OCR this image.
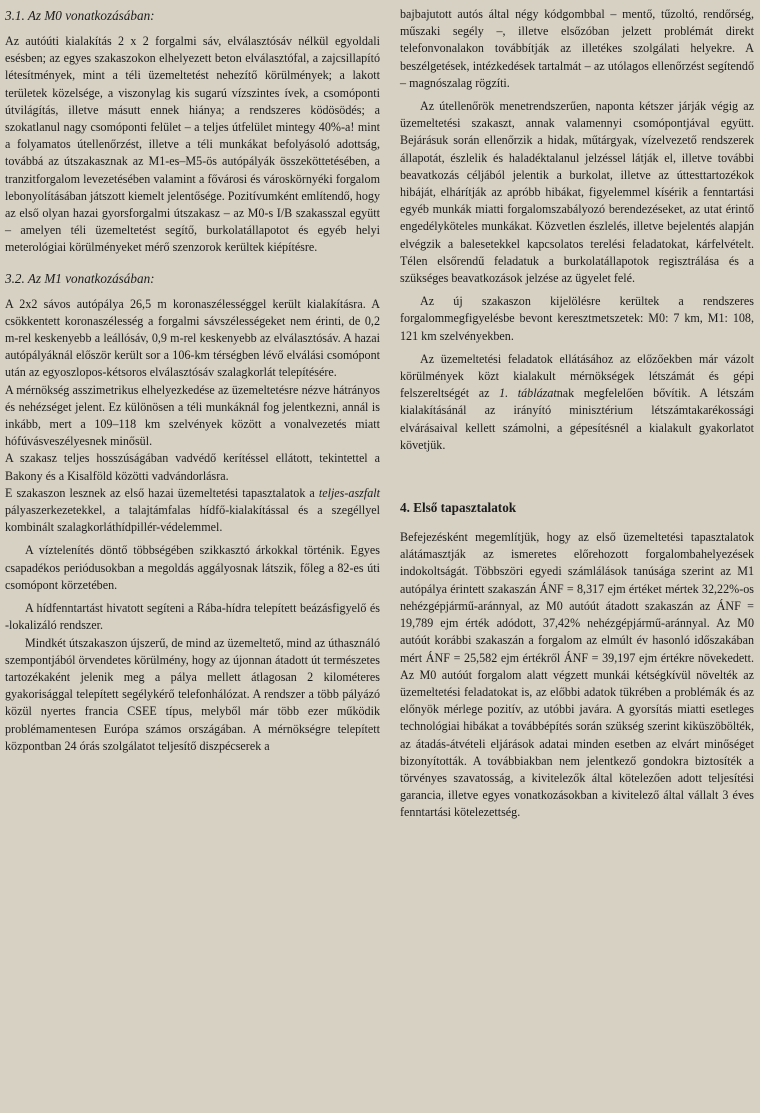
3.1. Az M0 vonatkozásában:

Az autóúti kialakítás 2 x 2 forgalmi sáv, elválasztósáv nélkül egyoldali esésben; az egyes szakaszokon elhelyezett beton elválasztófal, a zajcsillapító létesítmények, mint a téli üzemeltetést nehezítő körülmények; a lakott területek közelsége, a viszonylag kis sugarú vízszintes ívek, a csomóponti útvilágítás, illetve másutt ennek hiánya; a rendszeres ködösödés; a szokatlanul nagy csomóponti felület – a teljes útfelület mintegy 40%-a! mint a folyamatos útellenőrzést, illetve a téli munkákat befolyásoló adottság, továbbá az útszakasznak az M1-es–M5-ös autópályák összeköttetésében, a tranzitforgalom levezetésében valamint a fővárosi és városkörnyéki forgalom lebonyolításában játszott kiemelt jelentősége. Pozitívumként említendő, hogy az első olyan hazai gyorsforgalmi útszakasz – az M0-s I/B szakasszal együtt – amelyen téli üzemeltetést segítő, burkolatállapotot és egyéb helyi meterológiai körülményeket mérő szenzorok kerültek kiépítésre.

3.2. Az M1 vonatkozásában:

A 2x2 sávos autópálya 26,5 m koronaszélességgel került kialakításra. A csökkentett koronaszélesség a forgalmi sávszélességeket nem érinti, de 0,2 m-rel keskenyebb a leállósáv, 0,9 m-rel keskenyebb az elválasztósáv. A hazai autópályáknál először került sor a 106-km térségben lévő elválási csomópont után az egyoszlopos-kétsoros elválasztósáv szalagkorlát telepítésére.

A mérnökség asszimetrikus elhelyezkedése az üzemeltetésre nézve hátrányos és nehézséget jelent. Ez különösen a téli munkáknál fog jelentkezni, annál is inkább, mert a 109–118 km szelvények között a vonalvezetés miatt hófúvásveszélyesnek minősül.

A szakasz teljes hosszúságában vadvédő kerítéssel ellátott, tekintettel a Bakony és a Kisalföld közötti vadvándorlásra.

E szakaszon lesznek az első hazai üzemeltetési tapasztalatok a teljes-aszfalt pályaszerkezetekkel, a talajtámfalas hídfő-kialakítással és a szegéllyel kombinált szalagkorláthídpillér-védelemmel.

A víztelenítés döntő többségében szikkasztó árkokkal történik. Egyes csapadékos periódusokban a megoldás aggályosnak látszik, főleg a 82-es úti csomópont körzetében.

A hídfenntartást hivatott segíteni a Rába-hídra telepített beázásfigyelő és -lokalizáló rendszer.

Mindkét útszakaszon újszerű, de mind az üzemeltető, mind az úthasználó szempontjából örvendetes körülmény, hogy az újonnan átadott út természetes tartozékaként jelenik meg a pálya mellett átlagosan 2 kilométeres gyakorisággal telepített segélykérő telefonhálózat. A rendszer a több pályázó közül nyertes francia CSEE típus, melyből már több ezer működik problémamentesen Európa számos országában. A mérnökségre telepített központban 24 órás szolgálatot teljesítő diszpécserek a

bajbajutott autós által négy kódgombbal – mentő, tűzoltó, rendőrség, műszaki segély –, illetve elsőzóban jelzett problémát direkt telefonvonalakon továbbítják az illetékes szolgálati helyekre. A beszélgetések, intézkedések tartalmát – az utólagos ellenőrzést segítendő – magnószalag rögzíti.

Az útellenőrök menetrendszerűen, naponta kétszer járják végig az üzemeltetési szakaszt, annak valamennyi csomópontjával együtt. Bejárásuk során ellenőrzik a hidak, műtárgyak, vízelvezető rendszerek állapotát, észlelik és haladéktalanul jelzéssel látják el, illetve további beavatkozás céljából jelentik a burkolat, illetve az úttesttartozékok hibáját, elhárítják az apróbb hibákat, figyelemmel kísérik a fenntartási egyéb munkák miatti forgalomszabályozó berendezéseket, az utat érintő engedélyköteles munkákat. Közvetlen észlelés, illetve bejelentés alapján elvégzik a balesetekkel kapcsolatos terelési feladatokat, kárfelvételt. Télen elsőrendű feladatuk a burkolatállapotok regisztrálása és a szükséges beavatkozások jelzése az ügyelet felé.

Az új szakaszon kijelölésre kerültek a rendszeres forgalommegfigyelésbe bevont keresztmetszetek: M0: 7 km, M1: 108, 121 km szelvényekben.

Az üzemeltetési feladatok ellátásához az előzőekben már vázolt körülmények közt kialakult mérnökségek létszámát és gépi felszereltségét az 1. táblázatnak megfelelően bővítik. A létszám kialakításánál az irányító minisztérium létszámtakarékossági elvárásaival kellett számolni, a gépesítésnél a kialakult gyakorlatot követjük.

4. Első tapasztalatok

Befejezésként megemlítjük, hogy az első üzemeltetési tapasztalatok alátámasztják az ismeretes előrehozott forgalombahelyezések indokoltságát. Többszöri egyedi számlálások tanúsága szerint az M1 autópálya érintett szakaszán ÁNF = 8,317 ejm értéket mértek 32,22%-os nehézgépjármű-aránnyal, az M0 autóút átadott szakaszán az ÁNF = 19,789 ejm érték adódott, 37,42% nehézgépjármű-aránnyal. Az M0 autóút korábbi szakaszán a forgalom az elmúlt év hasonló időszakában mért ÁNF = 25,582 ejm értékről ÁNF = 39,197 ejm értékre növekedett. Az M0 autóút forgalom alatt végzett munkái kétségkívül növelték az üzemeltetési feladatokat is, az előbbi adatok tükrében a problémák és az előnyök mérlege pozitív, az utóbbi javára. A gyorsítás miatti esetleges technológiai hibákat a továbbépítés során szükség szerint kiküszöbölték, az átadás-átvételi eljárások adatai minden esetben az elvárt minőséget bizonyították. A továbbiakban nem jelentkező gondokra biztosíték a törvényes szavatosság, a kivitelezők által kötelezően adott teljesítési garancia, illetve egyes vonatkozásokban a kivitelező által vállalt 3 éves fenntartási kötelezettség.
